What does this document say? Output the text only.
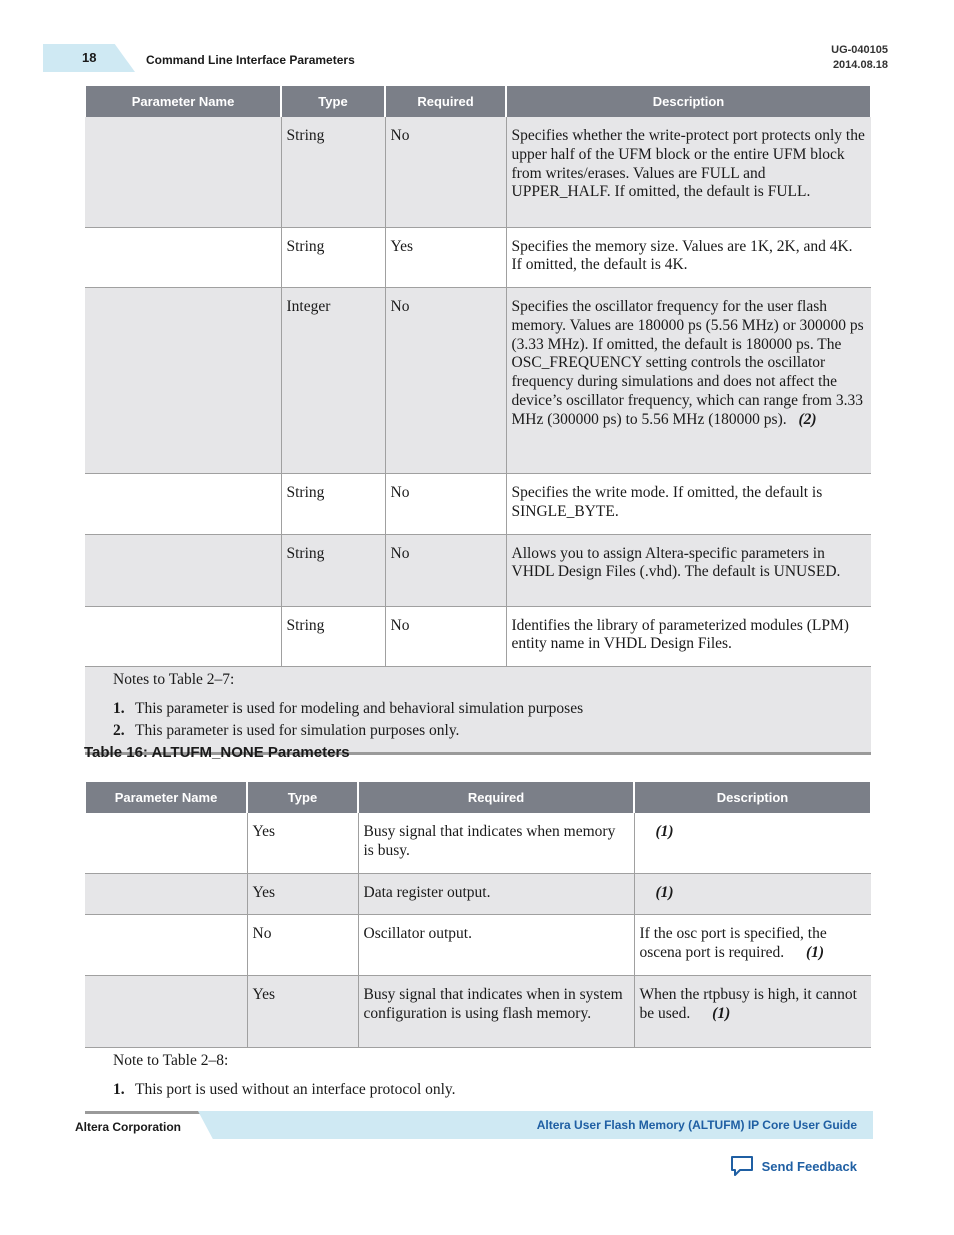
18	Command Line Interface Parameters
UG-040105
2014.08.18
Parameter Name	Type	Required	Description
	String	No	Specifies whether the write-protect port protects only the upper half of the UFM block or the entire UFM block from writes/erases. Values are FULL and UPPER_HALF. If omitted, the default is FULL.
	String	Yes	Specifies the memory size. Values are 1K, 2K, and 4K. If omitted, the default is 4K.
	Integer	No	Specifies the oscillator frequency for the user flash memory. Values are 180000 ps (5.56 MHz) or 300000 ps (3.33 MHz). If omitted, the default is 180000 ps. The OSC_FREQUENCY setting controls the oscillator frequency during simulations and does not affect the device’s oscillator frequency, which can range from 3.33 MHz (300000 ps) to 5.56 MHz (180000 ps). (2)
	String	No	Specifies the write mode. If omitted, the default is SINGLE_BYTE.
	String	No	Allows you to assign Altera-specific parameters in VHDL Design Files (.vhd). The default is UNUSED.
	String	No	Identifies the library of parameterized modules (LPM) entity name in VHDL Design Files.

Notes to Table 2–7:
1. This parameter is used for modeling and behavioral simulation purposes
2. This parameter is used for simulation purposes only.			
Table 16: ALTUFM_NONE Parameters
Parameter Name	Type	Required	Description
	Yes	Busy signal that indicates when memory is busy.	(1)
	Yes	Data register output.	(1)
	No	Oscillator output.	If the osc port is specified, the oscena port is required. (1)
	Yes	Busy signal that indicates when in system configuration is using flash memory.	When the rtpbusy is high, it cannot be used. (1)

Note to Table 2–8:
1. This port is used without an interface protocol only.			
Altera Corporation	Altera User Flash Memory (ALTUFM) IP Core User Guide
Send Feedback
